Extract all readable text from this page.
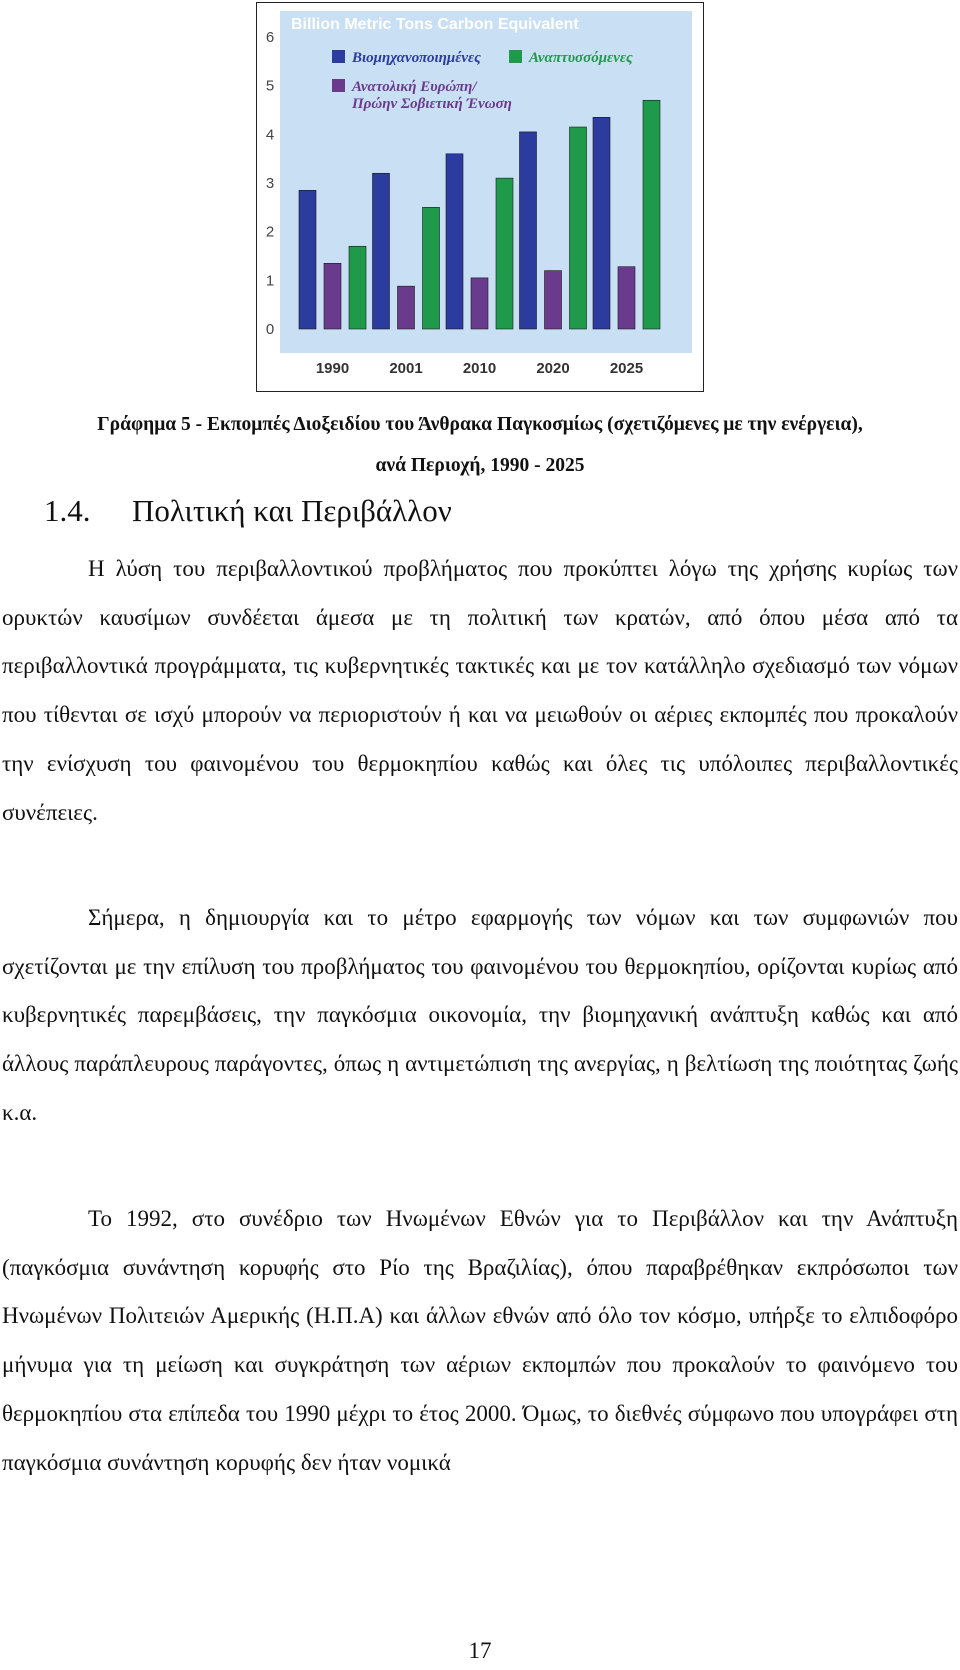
Billion Metric Tons Carbon Equivalent
0
1
2
3
4
5
6
1990	2001	2010	2020	2025
Βιομηχανοποιημένες	Αναπτυσσόμενες
Ανατολική Ευρώπη/
Πρώην Σοβιετική Ένωση
Γράφημα 5 - Εκπομπές Διοξειδίου του Άνθρακα Παγκοσμίως (σχετιζόμενες με την ενέργεια),
ανά Περιοχή, 1990 - 2025
1.4. Πολιτική και Περιβάλλον

Η λύση του περιβαλλοντικού προβλήματος που προκύπτει λόγω της χρήσης κυρίως των ορυκτών καυσίμων συνδέεται άμεσα με τη πολιτική των κρατών, από όπου μέσα από τα περιβαλλοντικά προγράμματα, τις κυβερνητικές τακτικές και με τον κατάλληλο σχεδιασμό των νόμων που τίθενται σε ισχύ μπορούν να περιοριστούν ή και να μειωθούν οι αέριες εκπομπές που προκαλούν την ενίσχυση του φαινομένου του θερμοκηπίου καθώς και όλες τις υπόλοιπες περιβαλλοντικές συνέπειες.

Σήμερα, η δημιουργία και το μέτρο εφαρμογής των νόμων και των συμφωνιών που σχετίζονται με την επίλυση του προβλήματος του φαινομένου του θερμοκηπίου, ορίζονται κυρίως από κυβερνητικές παρεμβάσεις, την παγκόσμια οικονομία, την βιομηχανική ανάπτυξη καθώς και από άλλους παράπλευρους παράγοντες, όπως η αντιμετώπιση της ανεργίας, η βελτίωση της ποιότητας ζωής κ.α.

Το 1992, στο συνέδριο των Ηνωμένων Εθνών για το Περιβάλλον και την Ανάπτυξη (παγκόσμια συνάντηση κορυφής στο Ρίο της Βραζιλίας), όπου παραβρέθηκαν εκπρόσωποι των Ηνωμένων Πολιτειών Αμερικής (Η.Π.Α) και άλλων εθνών από όλο τον κόσμο, υπήρξε το ελπιδοφόρο μήνυμα για τη μείωση και συγκράτηση των αέριων εκπομπών που προκαλούν το φαινόμενο του θερμοκηπίου στα επίπεδα του 1990 μέχρι το έτος 2000. Όμως, το διεθνές σύμφωνο που υπογράφει στη παγκόσμια συνάντηση κορυφής δεν ήταν νομικά

17
